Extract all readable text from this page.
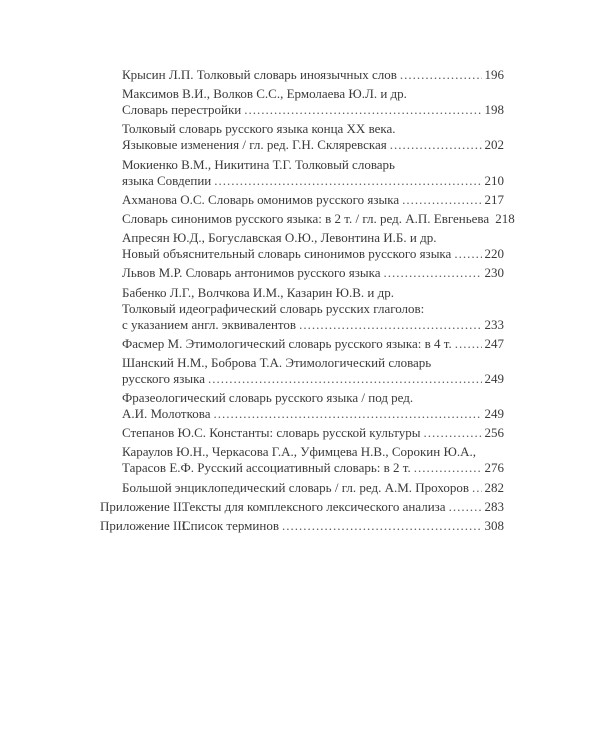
Крысин Л.П. Толковый словарь иноязычных слов .....	196
Максимов В.И., Волков С.С., Ермолаева Ю.Л. и др.
Словарь перестройки .....	198
Толковый словарь русского языка конца XX века.
Языковые изменения / гл. ред. Г.Н. Скляревская .....	202
Мокиенко В.М., Никитина Т.Г. Толковый словарь
языка Совдепии .....	210
Ахманова О.С. Словарь омонимов русского языка .....	217
Словарь синонимов русского языка: в 2 т. / гл. ред. А.П. Евгеньева 218
Апресян Ю.Д., Богуславская О.Ю., Левонтина И.Б. и др.
Новый объяснительный словарь синонимов русского языка .....	220
Львов М.Р. Словарь антонимов русского языка .....	230
Бабенко Л.Г., Волчкова И.М., Казарин Ю.В. и др.
Толковый идеографический словарь русских глаголов:
с указанием англ. эквивалентов .....	233
Фасмер М. Этимологический словарь русского языка: в 4 т. .....	247
Шанский Н.М., Боброва Т.А. Этимологический словарь
русского языка .....	249
Фразеологический словарь русского языка / под ред.
А.И. Молоткова .....	249
Степанов Ю.С. Константы: словарь русской культуры .....	256
Караулов Ю.Н., Черкасова Г.А., Уфимцева Н.В., Сорокин Ю.А.,
Тарасов Е.Ф. Русский ассоциативный словарь: в 2 т. .....	276
Большой энциклопедический словарь / гл. ред. А.М. Прохоров ..... 282
Приложение II.Тексты для комплексного лексического анализа .....	283
Приложение III.Список терминов .....	308
